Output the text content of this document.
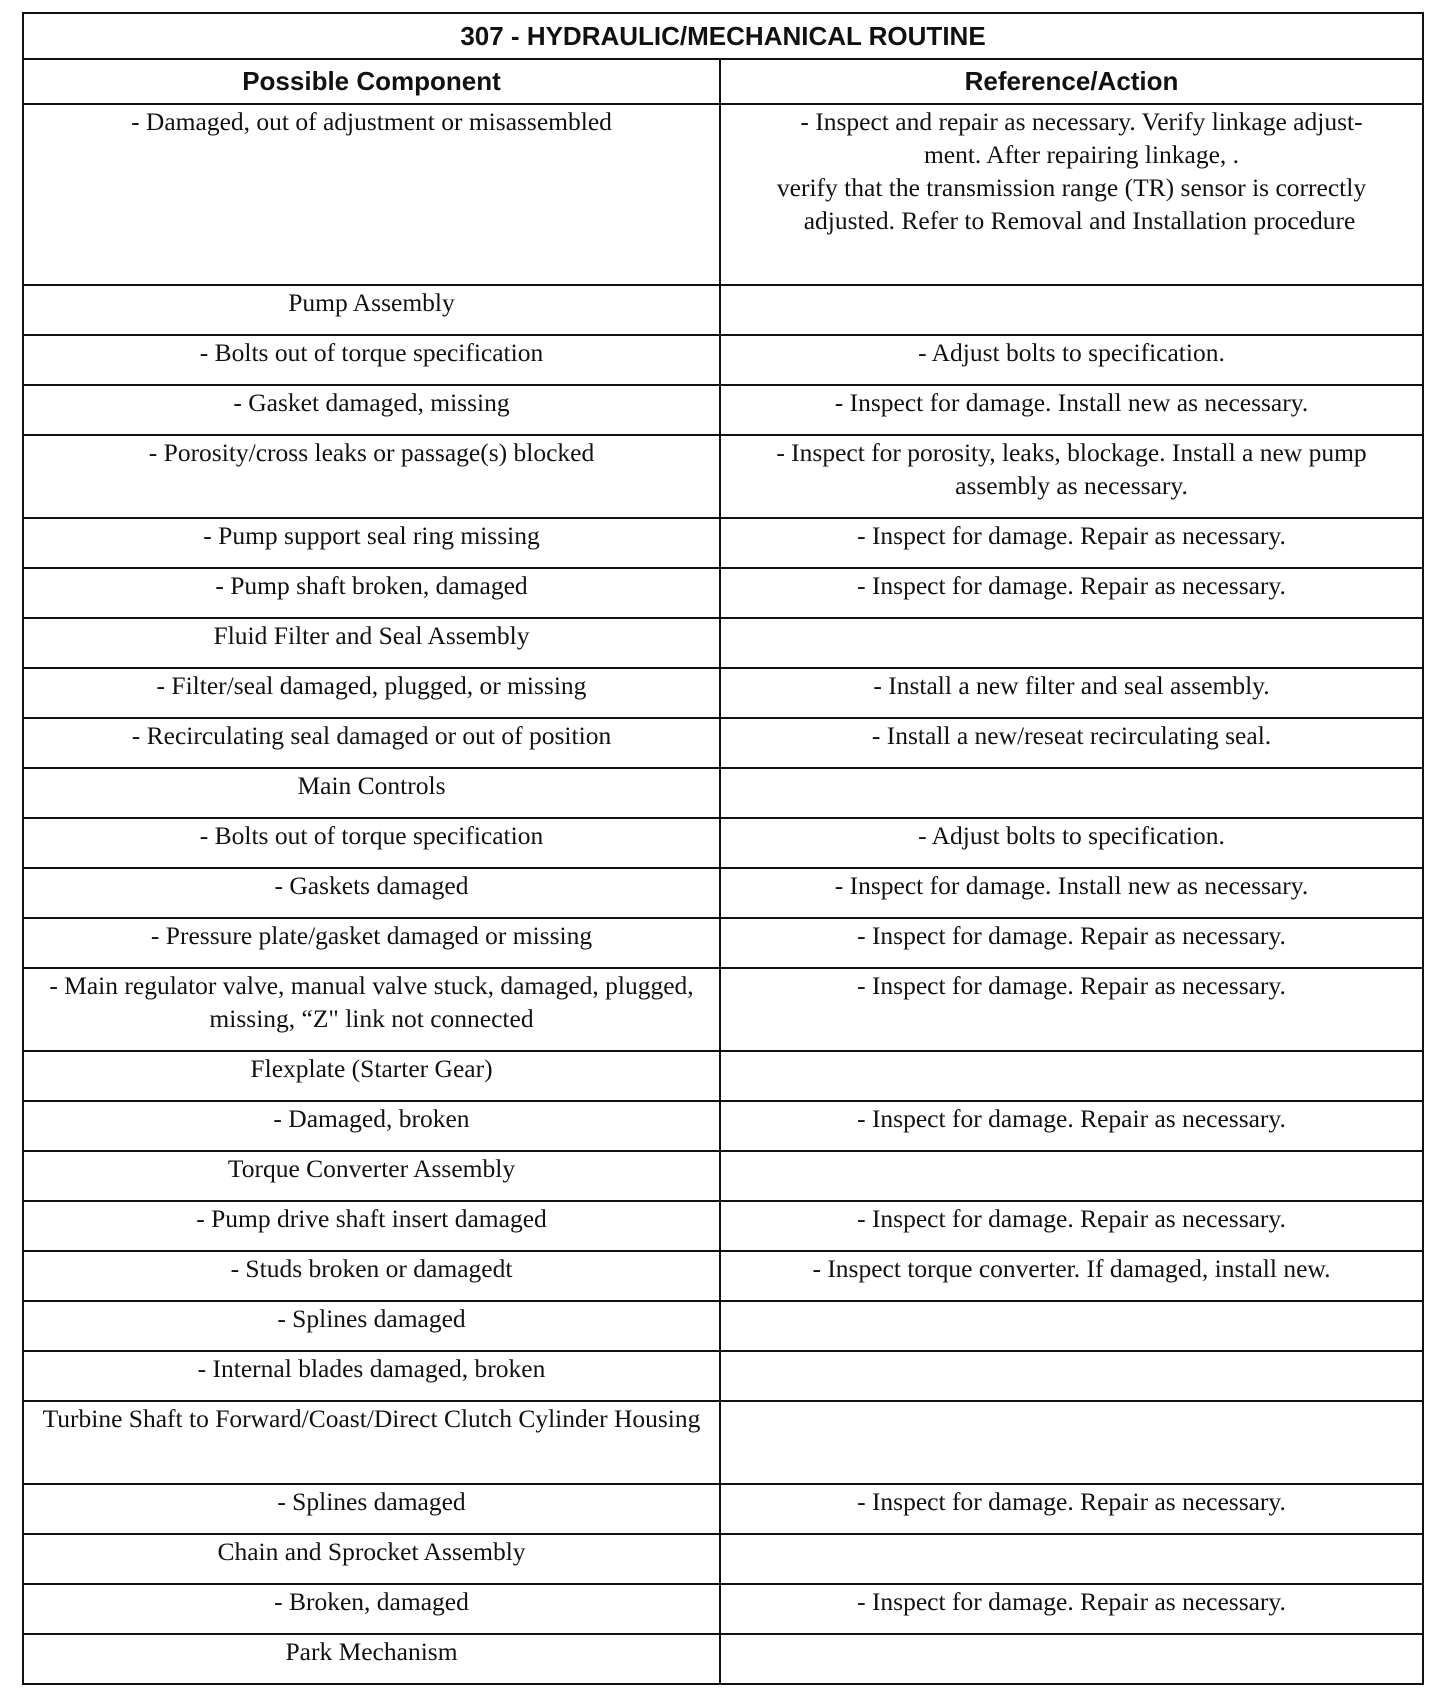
307 - HYDRAULIC/MECHANICAL ROUTINE	
Possible Component	Reference/Action
- Damaged, out of adjustment or misassembled	- Inspect and repair as necessary. Verify linkage adjust-
ment. After repairing linkage, .
verify that the transmission range (TR) sensor is correctly
adjusted. Refer to Removal and Installation procedure

Pump Assembly	
- Bolts out of torque specification	- Adjust bolts to specification.
- Gasket damaged, missing	- Inspect for damage. Install new as necessary.
- Porosity/cross leaks or passage(s) blocked	- Inspect for porosity, leaks, blockage. Install a new pump assembly as necessary.
- Pump support seal ring missing	- Inspect for damage. Repair as necessary.
- Pump shaft broken, damaged	- Inspect for damage. Repair as necessary.
Fluid Filter and Seal Assembly	
- Filter/seal damaged, plugged, or missing	- Install a new filter and seal assembly.
- Recirculating seal damaged or out of position	- Install a new/reseat recirculating seal.
Main Controls	
- Bolts out of torque specification	- Adjust bolts to specification.
- Gaskets damaged	- Inspect for damage. Install new as necessary.
- Pressure plate/gasket damaged or missing	- Inspect for damage. Repair as necessary.
- Main regulator valve, manual valve stuck, damaged, plugged, missing, “Z" link not connected	- Inspect for damage. Repair as necessary.
Flexplate (Starter Gear)	
- Damaged, broken	- Inspect for damage. Repair as necessary.
Torque Converter Assembly	
- Pump drive shaft insert damaged	- Inspect for damage. Repair as necessary.
- Studs broken or damagedt	- Inspect torque converter. If damaged, install new.
- Splines damaged	
- Internal blades damaged, broken	
Turbine Shaft to Forward/Coast/Direct Clutch Cylinder Housing	
- Splines damaged	- Inspect for damage. Repair as necessary.
Chain and Sprocket Assembly	
- Broken, damaged	- Inspect for damage. Repair as necessary.
Park Mechanism	
